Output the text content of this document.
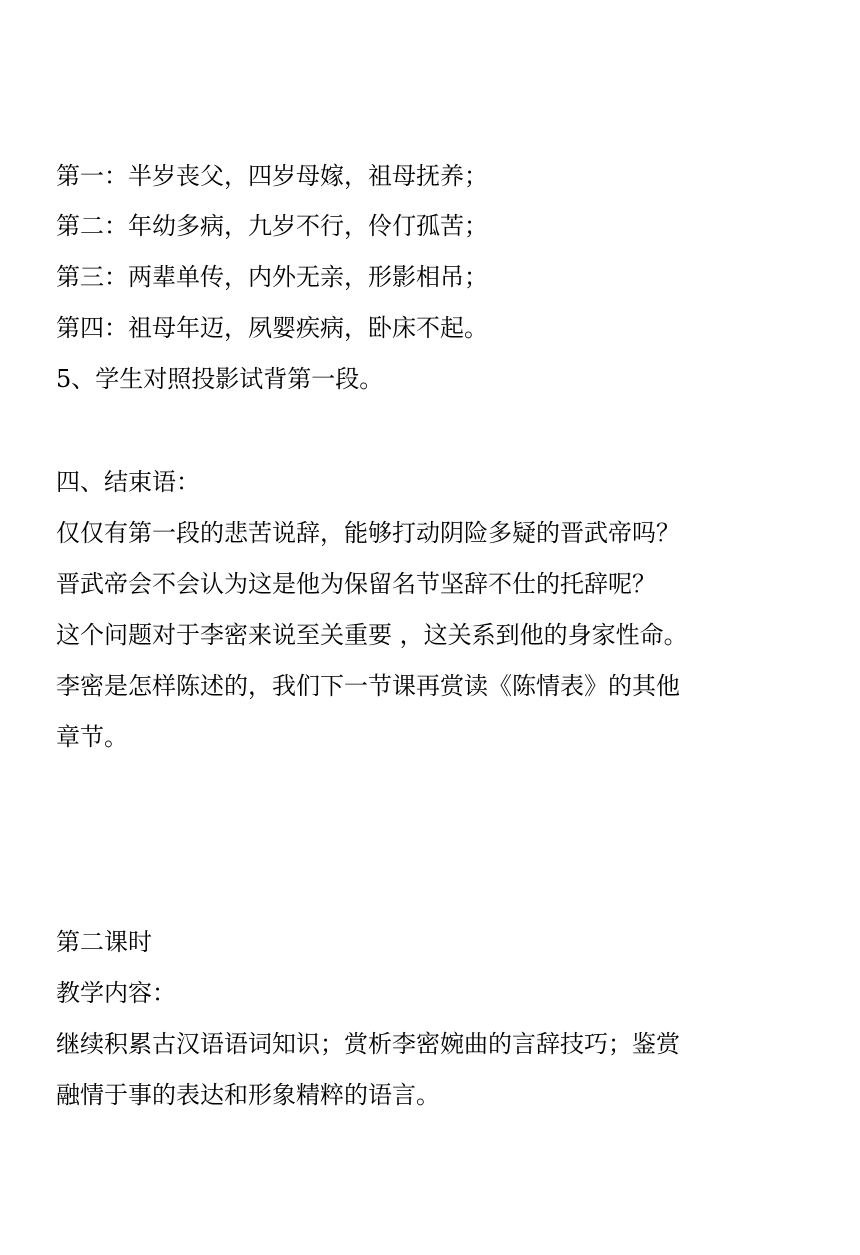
第一：半岁丧父，四岁母嫁，祖母抚养；

第二：年幼多病，九岁不行，伶仃孤苦；

第三：两辈单传，内外无亲，形影相吊；

第四：祖母年迈，夙婴疾病，卧床不起。

5、学生对照投影试背第一段。

四、结束语：

仅仅有第一段的悲苦说辞，能够打动阴险多疑的晋武帝吗？

晋武帝会不会认为这是他为保留名节坚辞不仕的托辞呢？

这个问题对于李密来说至关重要 ，这关系到他的身家性命。

李密是怎样陈述的，我们下一节课再赏读《陈情表》的其他

章节。

第二课时

教学内容：

继续积累古汉语语词知识；赏析李密婉曲的言辞技巧；鉴赏

融情于事的表达和形象精粹的语言。
